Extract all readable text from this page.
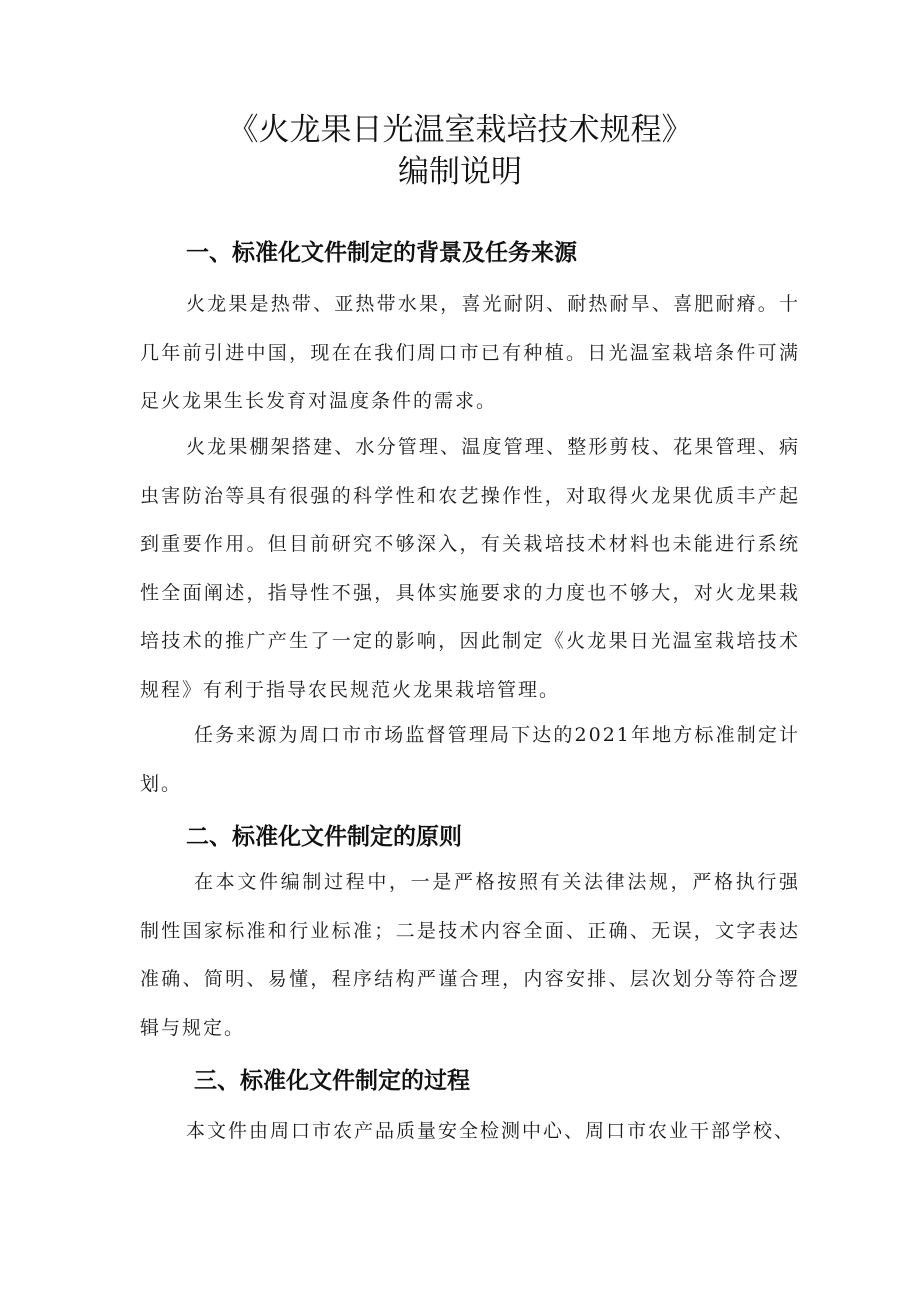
《火龙果日光温室栽培技术规程》
编制说明
一、标准化文件制定的背景及任务来源

火龙果是热带、亚热带水果，喜光耐阴、耐热耐旱、喜肥耐瘠。十几年前引进中国，现在在我们周口市已有种植。日光温室栽培条件可满足火龙果生长发育对温度条件的需求。

火龙果棚架搭建、水分管理、温度管理、整形剪枝、花果管理、病虫害防治等具有很强的科学性和农艺操作性，对取得火龙果优质丰产起到重要作用。但目前研究不够深入，有关栽培技术材料也未能进行系统性全面阐述，指导性不强，具体实施要求的力度也不够大，对火龙果栽培技术的推广产生了一定的影响，因此制定《火龙果日光温室栽培技术规程》有利于指导农民规范火龙果栽培管理。

任务来源为周口市市场监督管理局下达的2021年地方标准制定计划。

二、标准化文件制定的原则

在本文件编制过程中，一是严格按照有关法律法规，严格执行强制性国家标准和行业标准；二是技术内容全面、正确、无误，文字表达准确、简明、易懂，程序结构严谨合理，内容安排、层次划分等符合逻辑与规定。

三、标准化文件制定的过程

本文件由周口市农产品质量安全检测中心、周口市农业干部学校、
